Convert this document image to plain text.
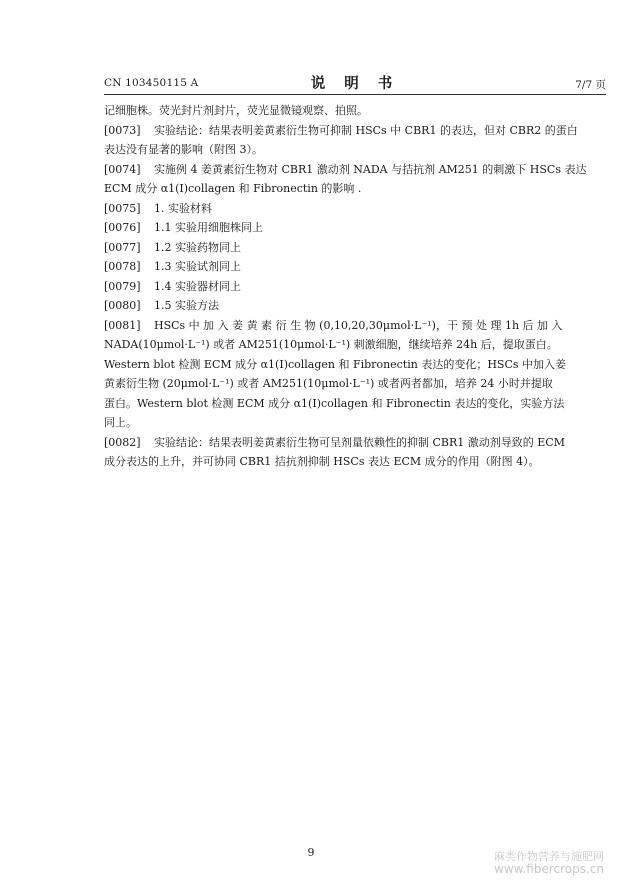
CN 103450115 A	说 明 书	7/7 页
记细胞株。荧光封片剂封片，荧光显微镜观察、拍照。
[0073]	实验结论：结果表明姜黄素衍生物可抑制 HSCs 中 CBR1 的表达，但对 CBR2 的蛋白
表达没有显著的影响（附图 3）。
[0074]	实施例 4 姜黄素衍生物对 CBR1 激动剂 NADA 与拮抗剂 AM251 的刺激下 HSCs 表达
ECM 成分 α1(I)collagen 和 Fibronectin 的影响 .
[0075]	1. 实验材料
[0076]	1.1 实验用细胞株同上
[0077]	1.2 实验药物同上
[0078]	1.3 实验试剂同上
[0079]	1.4 实验器材同上
[0080]	1.5 实验方法
[0081]	HSCs 中 加 入 姜 黄 素 衍 生 物 (0,10,20,30μmol·L⁻¹)，干 预 处 理 1h 后 加 入
NADA(10μmol·L⁻¹) 或者 AM251(10μmol·L⁻¹) 刺激细胞，继续培养 24h 后，提取蛋白。
Western blot 检测 ECM 成分 α1(I)collagen 和 Fibronectin 表达的变化；HSCs 中加入姜
黄素衍生物 (20μmol·L⁻¹) 或者 AM251(10μmol·L⁻¹) 或者两者都加，培养 24 小时并提取
蛋白。Western blot 检测 ECM 成分 α1(I)collagen 和 Fibronectin 表达的变化，实验方法
同上。
[0082]	实验结论：结果表明姜黄素衍生物可呈剂量依赖性的抑制 CBR1 激动剂导致的 ECM
成分表达的上升，并可协同 CBR1 拮抗剂抑制 HSCs 表达 ECM 成分的作用（附图 4）。
9	麻类作物营养与施肥网
www.fibercrops.cn
